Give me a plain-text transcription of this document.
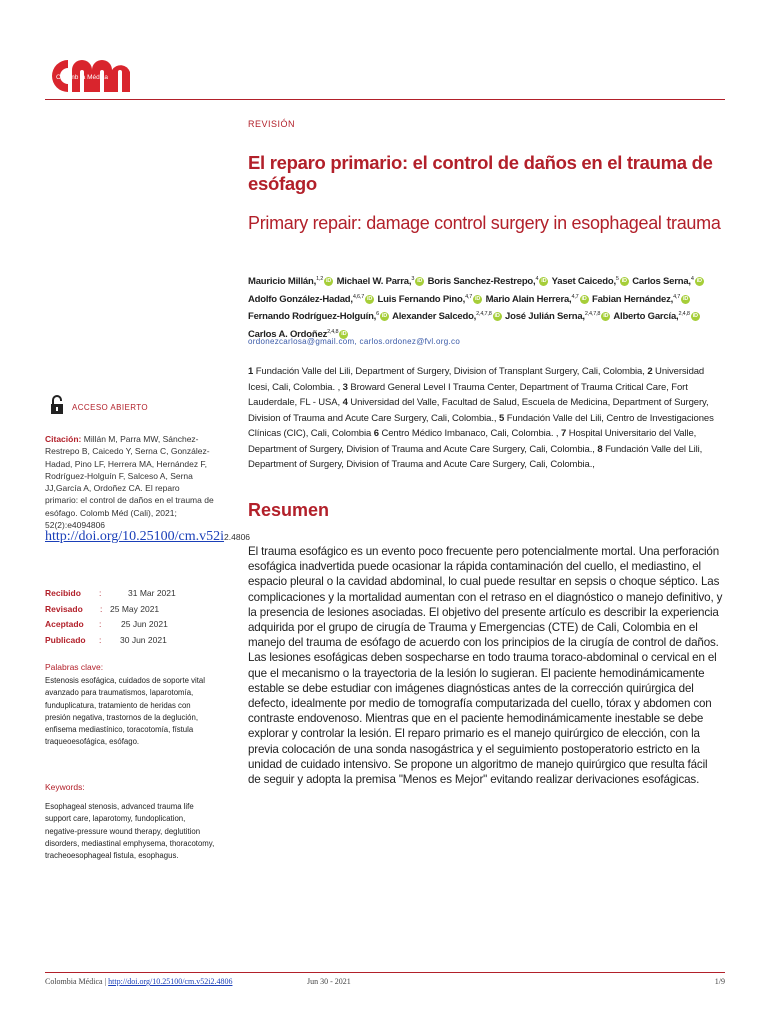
Colomb ia Médica
REVISIÓN
El reparo primario: el control de daños en el trauma de esófago
Primary repair: damage control surgery in esophageal trauma
Mauricio Millán,$^{1,2}$ iD Michael W. Parra,$^3$ iD Boris Sanchez-Restrepo,$^4$ iD Yaset Caicedo,$^5$ iD Carlos Serna,$^4$ iD Adolfo González-Hadad,$^{4,6,7}$ iD Luis Fernando Pino,$^{4,7}$ iD Mario Alain Herrera,$^{4,7}$ iD Fabian Hernández,$^{4,7}$ iD Fernando Rodríguez-Holguín,$^6$ iD Alexander Salcedo,$^{2,4,7,8}$ iD José Julián Serna,$^{2,4,7,8}$ iD Alberto García,$^{2,4,8}$ iD Carlos A. Ordoñez$^{2,4,8}$ iD
ordonezcarlosa@gmail.com, carlos.ordonez@fvl.org.co
1 Fundación Valle del Lili, Department of Surgery, Division of Transplant Surgery, Cali, Colombia, 2 Universidad Icesi, Cali, Colombia. , 3 Broward General Level I Trauma Center, Department of Trauma Critical Care, Fort Lauderdale, FL - USA, 4 Universidad del Valle, Facultad de Salud, Escuela de Medicina, Department of Surgery, Division of Trauma and Acute Care Surgery, Cali, Colombia., 5 Fundación Valle del Lili, Centro de Investigaciones Clínicas (CIC), Cali, Colombia 6 Centro Médico Imbanaco, Cali, Colombia. , 7 Hospital Universitario del Valle, Department of Surgery, Division of Trauma and Acute Care Surgery, Cali, Colombia., 8 Fundación Valle del Lili, Department of Surgery, Division of Trauma and Acute Care Surgery, Cali, Colombia.,
Resumen
El trauma esofágico es un evento poco frecuente pero potencialmente mortal. Una perforación esofágica inadvertida puede ocasionar la rápida contaminación del cuello, el mediastino, el espacio pleural o la cavidad abdominal, lo cual puede resultar en sepsis o choque séptico. Las complicaciones y la mortalidad aumentan con el retraso en el diagnóstico o manejo definitivo, y la presencia de lesiones asociadas. El objetivo del presente artículo es describir la experiencia adquirida por el grupo de cirugía de Trauma y Emergencias (CTE) de Cali, Colombia en el manejo del trauma de esófago de acuerdo con los principios de la cirugía de control de daños. Las lesiones esofágicas deben sospecharse en todo trauma toraco-abdominal o cervical en el que el mecanismo o la trayectoria de la lesión lo sugieran. El paciente hemodinámicamente estable se debe estudiar con imágenes diagnósticas antes de la corrección quirúrgica del defecto, idealmente por medio de tomografía computarizada del cuello, tórax y abdomen con contraste endovenoso. Mientras que en el paciente hemodinámicamente inestable se debe explorar y controlar la lesión. El reparo primario es el manejo quirúrgico de elección, con la previa colocación de una sonda nasogástrica y el seguimiento postoperatorio estricto en la unidad de cuidado intensivo. Se propone un algoritmo de manejo quirúrgico que resulta fácil de seguir y adopta la premisa "Menos es Mejor" evitando realizar derivaciones esofágicas.
ACCESO ABIERTO
Citación: Millán M, Parra MW, Sánchez-Restrepo B, Caicedo Y, Serna C, González-Hadad, Pino LF, Herrera MA, Hernández F, Rodríguez-Holguín F, Salceso A, Serna JJ,García A, Ordoñez CA. El reparo primario: el control de daños en el trauma de esófago. Colomb Méd (Cali), 2021; 52(2):e4094806 http://doi.org/10.25100/cm.v52i2.4806
Recibido :	31 Mar 2021
Revisado : 25 May 2021
Aceptado : 25 Jun 2021
Publicado : 30 Jun 2021
Palabras clave:
Estenosis esofágica, cuidados de soporte vital avanzado para traumatismos, laparotomía, funduplicatura, tratamiento de heridas con presión negativa, trastornos de la deglución, enfisema mediastínico, toracotomía, fístula traqueoesofágica, esófago.
Keywords:
Esophageal stenosis, advanced trauma life support care, laparotomy, fundoplication, negative-pressure wound therapy, deglutition disorders, mediastinal emphysema, thoracotomy, tracheoesophageal fistula, esophagus.
Colombia Médica | http://doi.org/10.25100/cm.v52i2.4806	Jun 30 - 2021	1/9
